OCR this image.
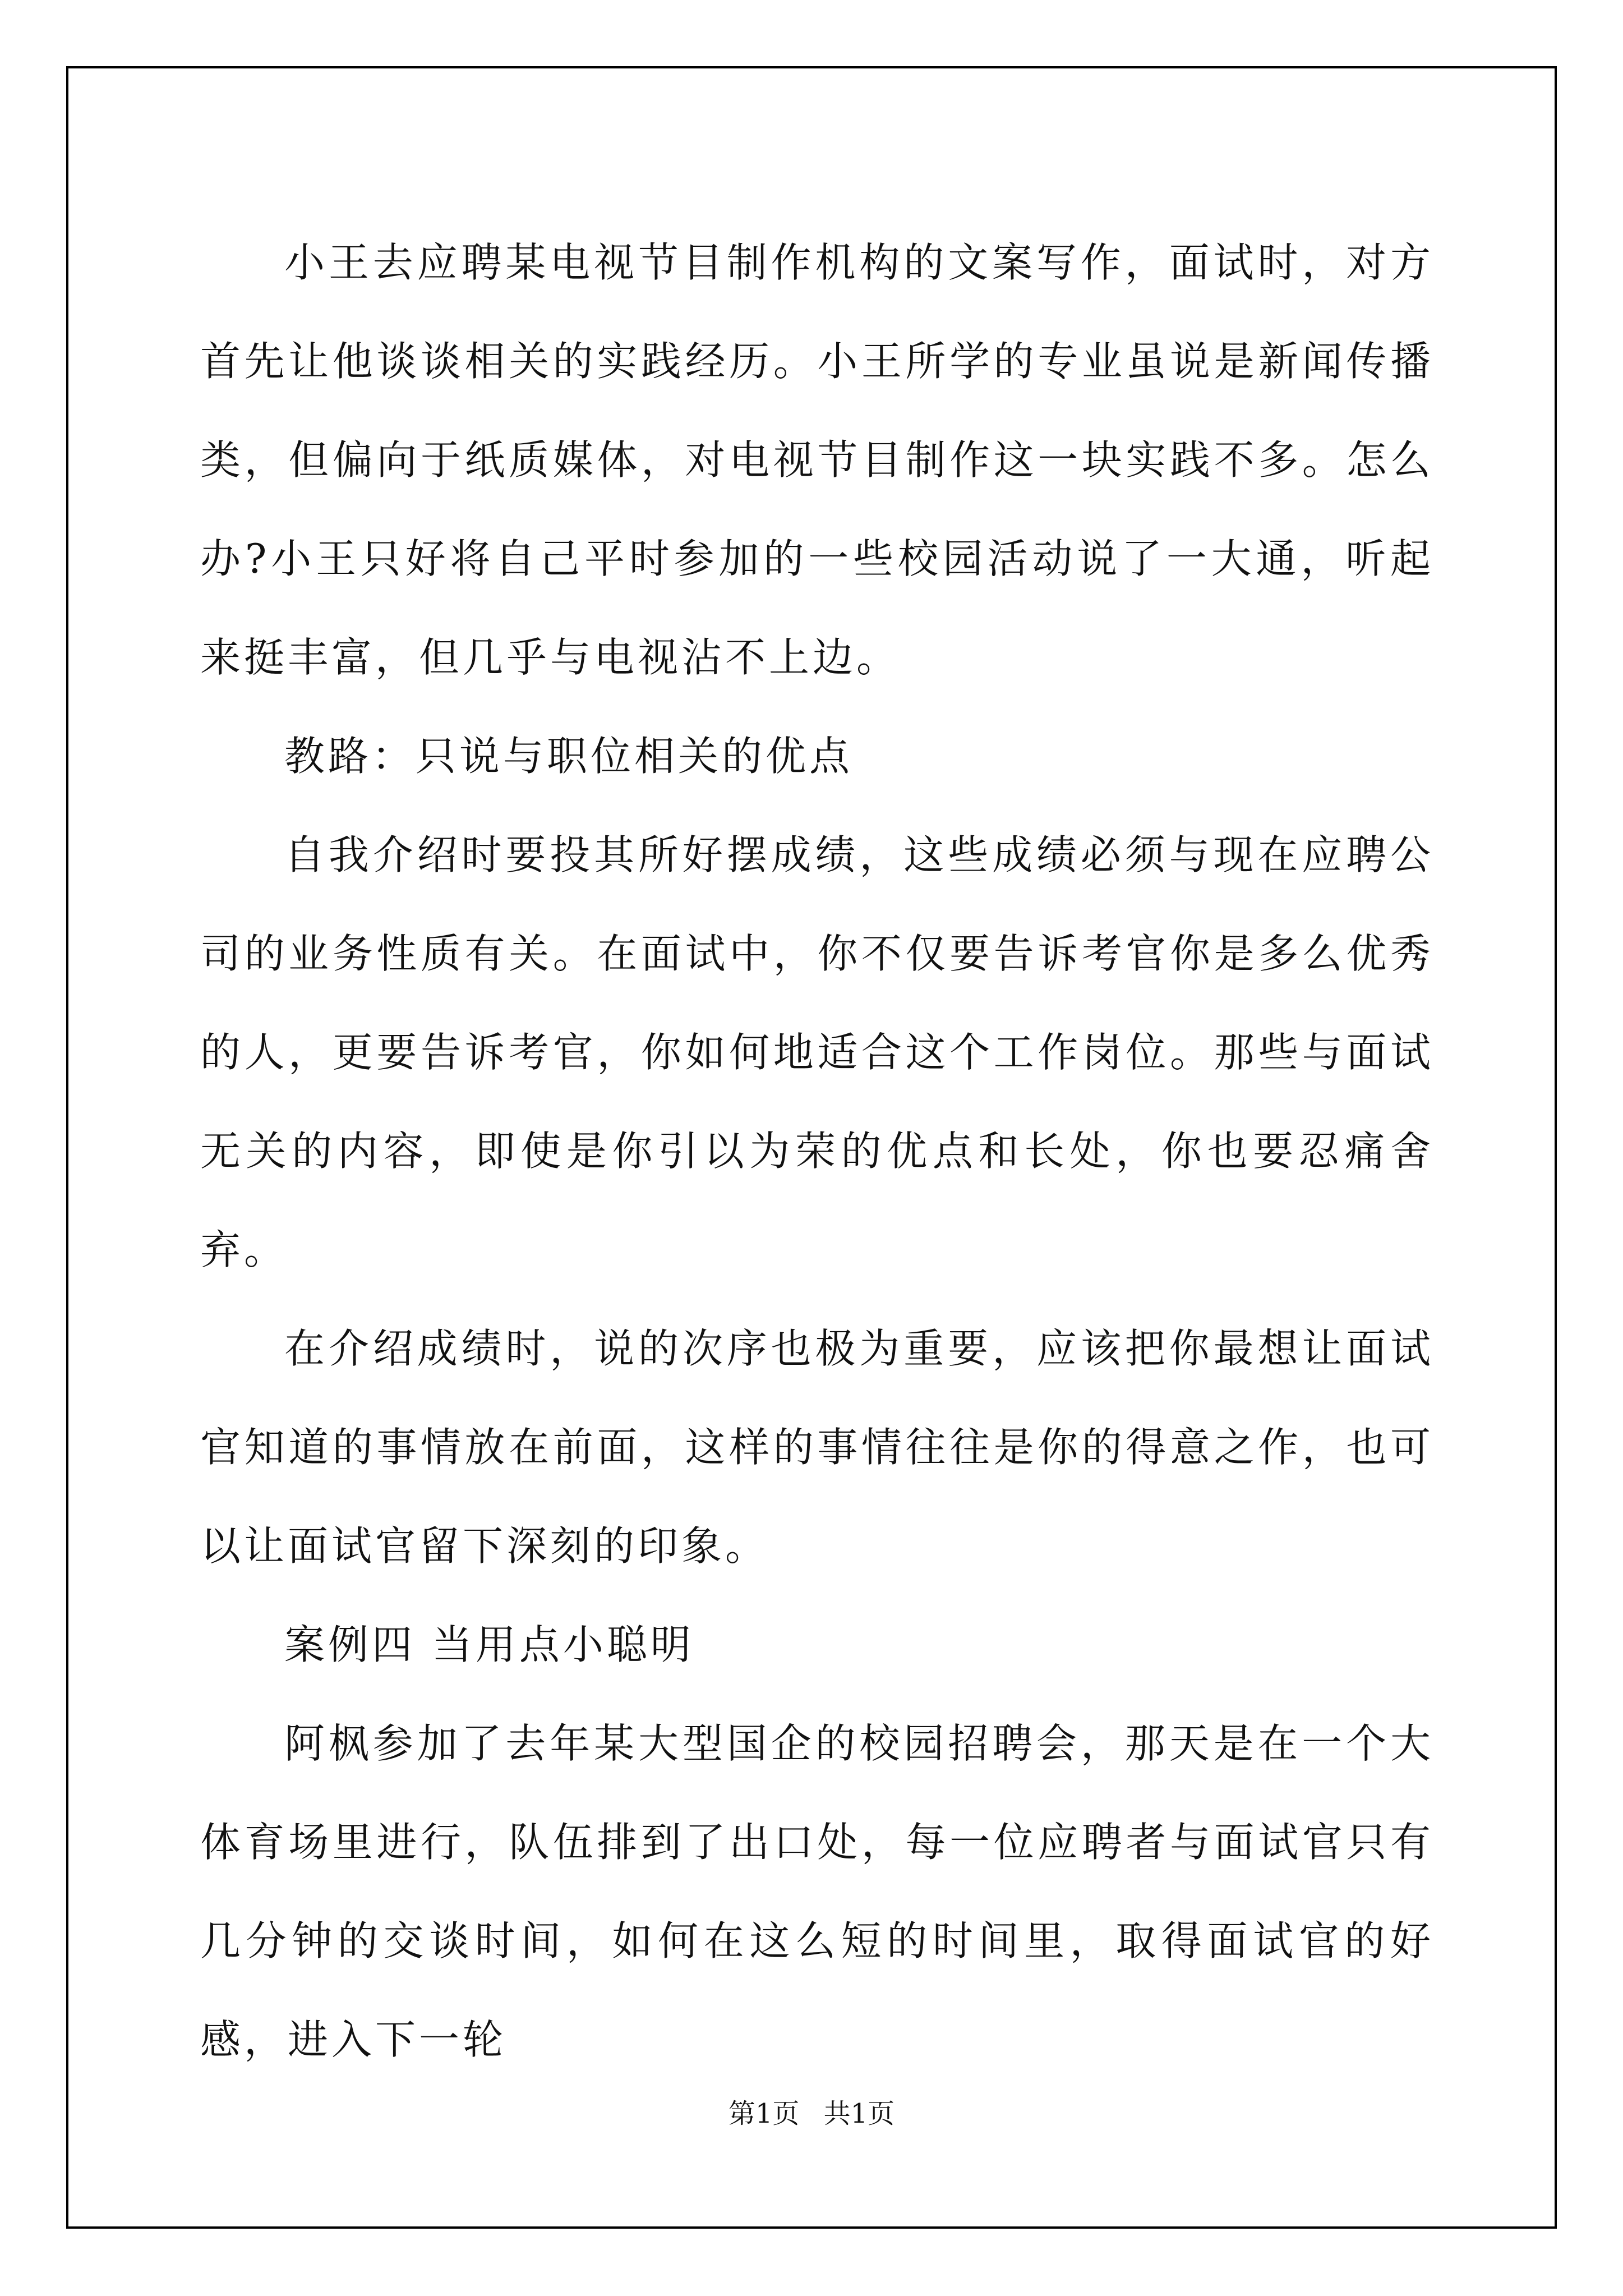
小王去应聘某电视节目制作机构的文案写作，面试时，对方首先让他谈谈相关的实践经历。小王所学的专业虽说是新闻传播类，但偏向于纸质媒体，对电视节目制作这一块实践不多。怎么办?小王只好将自己平时参加的一些校园活动说了一大通，听起来挺丰富，但几乎与电视沾不上边。

教路：只说与职位相关的优点

自我介绍时要投其所好摆成绩，这些成绩必须与现在应聘公司的业务性质有关。在面试中，你不仅要告诉考官你是多么优秀的人，更要告诉考官，你如何地适合这个工作岗位。那些与面试无关的内容，即使是你引以为荣的优点和长处，你也要忍痛舍弃。

在介绍成绩时，说的次序也极为重要，应该把你最想让面试官知道的事情放在前面，这样的事情往往是你的得意之作，也可以让面试官留下深刻的印象。

案例四 当用点小聪明

阿枫参加了去年某大型国企的校园招聘会，那天是在一个大体育场里进行，队伍排到了出口处，每一位应聘者与面试官只有几分钟的交谈时间，如何在这么短的时间里，取得面试官的好感，进入下一轮

第1页 共1页
